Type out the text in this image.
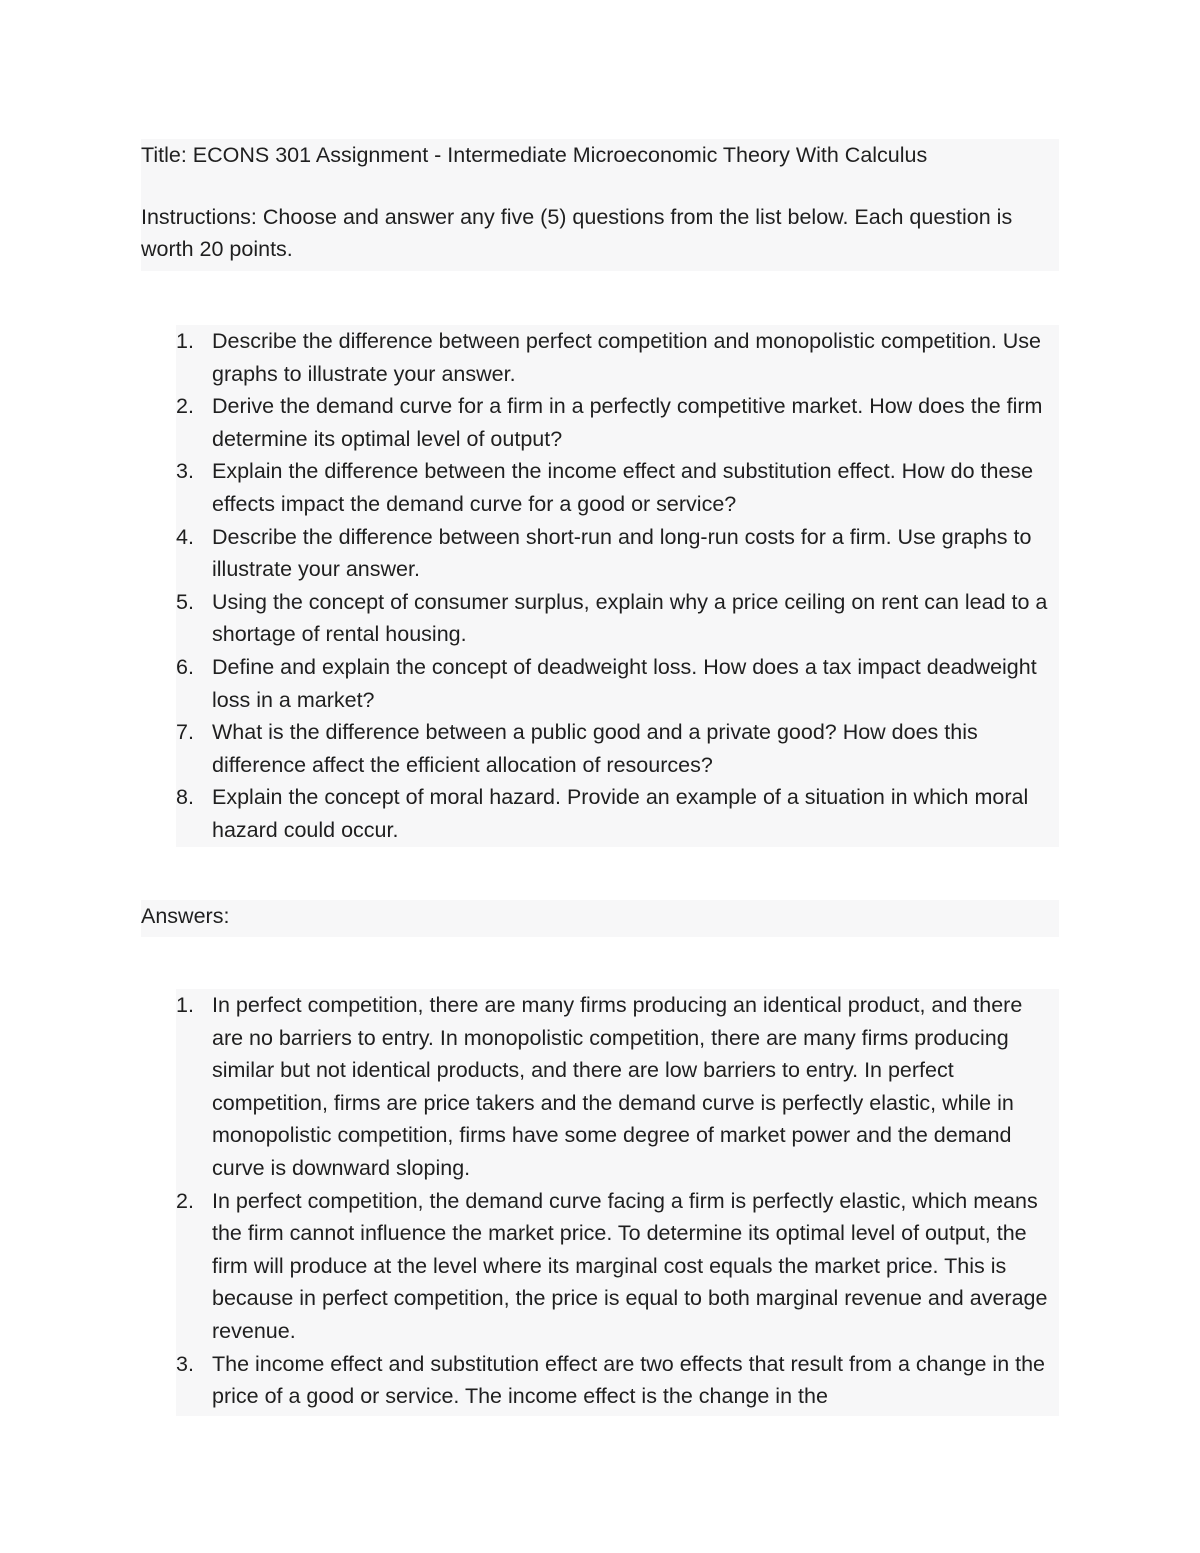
Title: ECONS 301 Assignment - Intermediate Microeconomic Theory With Calculus

Instructions: Choose and answer any five (5) questions from the list below. Each question is worth 20 points.

1. Describe the difference between perfect competition and monopolistic competition. Use graphs to illustrate your answer.
2. Derive the demand curve for a firm in a perfectly competitive market. How does the firm determine its optimal level of output?
3. Explain the difference between the income effect and substitution effect. How do these effects impact the demand curve for a good or service?
4. Describe the difference between short-run and long-run costs for a firm. Use graphs to illustrate your answer.
5. Using the concept of consumer surplus, explain why a price ceiling on rent can lead to a shortage of rental housing.
6. Define and explain the concept of deadweight loss. How does a tax impact deadweight loss in a market?
7. What is the difference between a public good and a private good? How does this difference affect the efficient allocation of resources?
8. Explain the concept of moral hazard. Provide an example of a situation in which moral hazard could occur.

Answers:

1. In perfect competition, there are many firms producing an identical product, and there are no barriers to entry. In monopolistic competition, there are many firms producing similar but not identical products, and there are low barriers to entry. In perfect competition, firms are price takers and the demand curve is perfectly elastic, while in monopolistic competition, firms have some degree of market power and the demand curve is downward sloping.
2. In perfect competition, the demand curve facing a firm is perfectly elastic, which means the firm cannot influence the market price. To determine its optimal level of output, the firm will produce at the level where its marginal cost equals the market price. This is because in perfect competition, the price is equal to both marginal revenue and average revenue.
3. The income effect and substitution effect are two effects that result from a change in the price of a good or service. The income effect is the change in the
